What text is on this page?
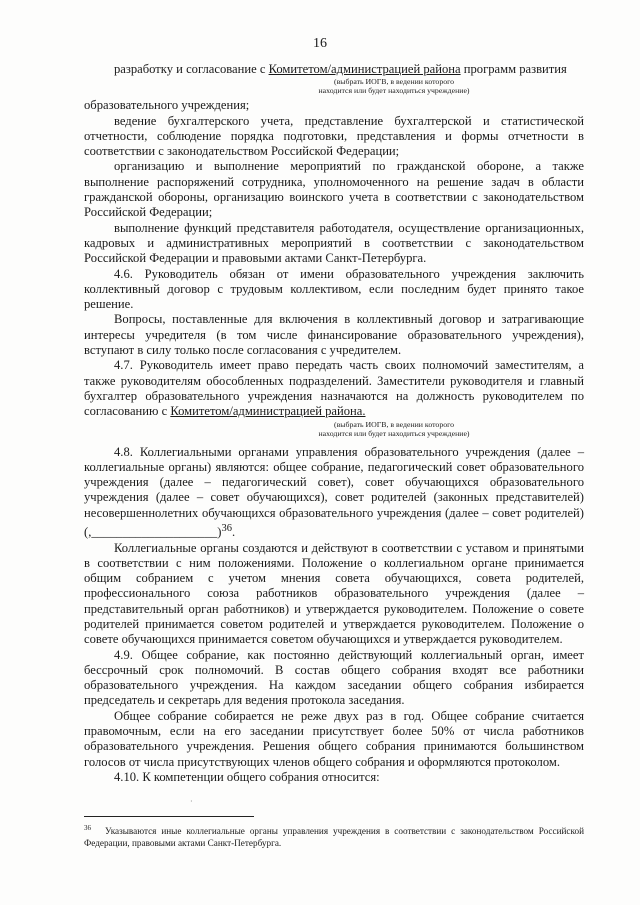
16

разработку и согласование с Комитетом/администрацией района программ развития

(выбрать ИОГВ, в ведении которого
находится или будет находиться учреждение)

образовательного учреждения;

ведение бухгалтерского учета, представление бухгалтерской и статистической отчетности, соблюдение порядка подготовки, представления и формы отчетности в соответствии с законодательством Российской Федерации;

организацию и выполнение мероприятий по гражданской обороне, а также выполнение распоряжений сотрудника, уполномоченного на решение задач в области гражданской обороны, организацию воинского учета в соответствии с законодательством Российской Федерации;

выполнение функций представителя работодателя, осуществление организационных, кадровых и административных мероприятий в соответствии с законодательством Российской Федерации и правовыми актами Санкт-Петербурга.

4.6. Руководитель обязан от имени образовательного учреждения заключить коллективный договор с трудовым коллективом, если последним будет принято такое решение.

Вопросы, поставленные для включения в коллективный договор и затрагивающие интересы учредителя (в том числе финансирование образовательного учреждения), вступают в силу только после согласования с учредителем.

4.7. Руководитель имеет право передать часть своих полномочий заместителям, а также руководителям обособленных подразделений. Заместители руководителя и главный бухгалтер образовательного учреждения назначаются на должность руководителем по согласованию с Комитетом/администрацией района.

(выбрать ИОГВ, в ведении которого
находится или будет находиться учреждение)

4.8. Коллегиальными органами управления образовательного учреждения (далее – коллегиальные органы) являются: общее собрание, педагогический совет образовательного учреждения (далее – педагогический совет), совет обучающихся образовательного учреждения (далее – совет обучающихся), совет родителей (законных представителей) несовершеннолетних обучающихся образовательного учреждения (далее – совет родителей) (,____________________)$^{36}$.

Коллегиальные органы создаются и действуют в соответствии с уставом и принятыми в соответствии с ним положениями. Положение о коллегиальном органе принимается общим собранием с учетом мнения совета обучающихся, совета родителей, профессионального союза работников образовательного учреждения (далее – представительный орган работников) и утверждается руководителем. Положение о совете родителей принимается советом родителей и утверждается руководителем. Положение о совете обучающихся принимается советом обучающихся и утверждается руководителем.

4.9. Общее собрание, как постоянно действующий коллегиальный орган, имеет бессрочный срок полномочий. В состав общего собрания входят все работники образовательного учреждения. На каждом заседании общего собрания избирается председатель и секретарь для ведения протокола заседания.

Общее собрание собирается не реже двух раз в год. Общее собрание считается правомочным, если на его заседании присутствует более 50% от числа работников образовательного учреждения. Решения общего собрания принимаются большинством голосов от числа присутствующих членов общего собрания и оформляются протоколом.

4.10. К компетенции общего собрания относится:

·
$^{36}$ Указываются иные коллегиальные органы управления учреждения в соответствии с законодательством Российской Федерации, правовыми актами Санкт-Петербурга.
